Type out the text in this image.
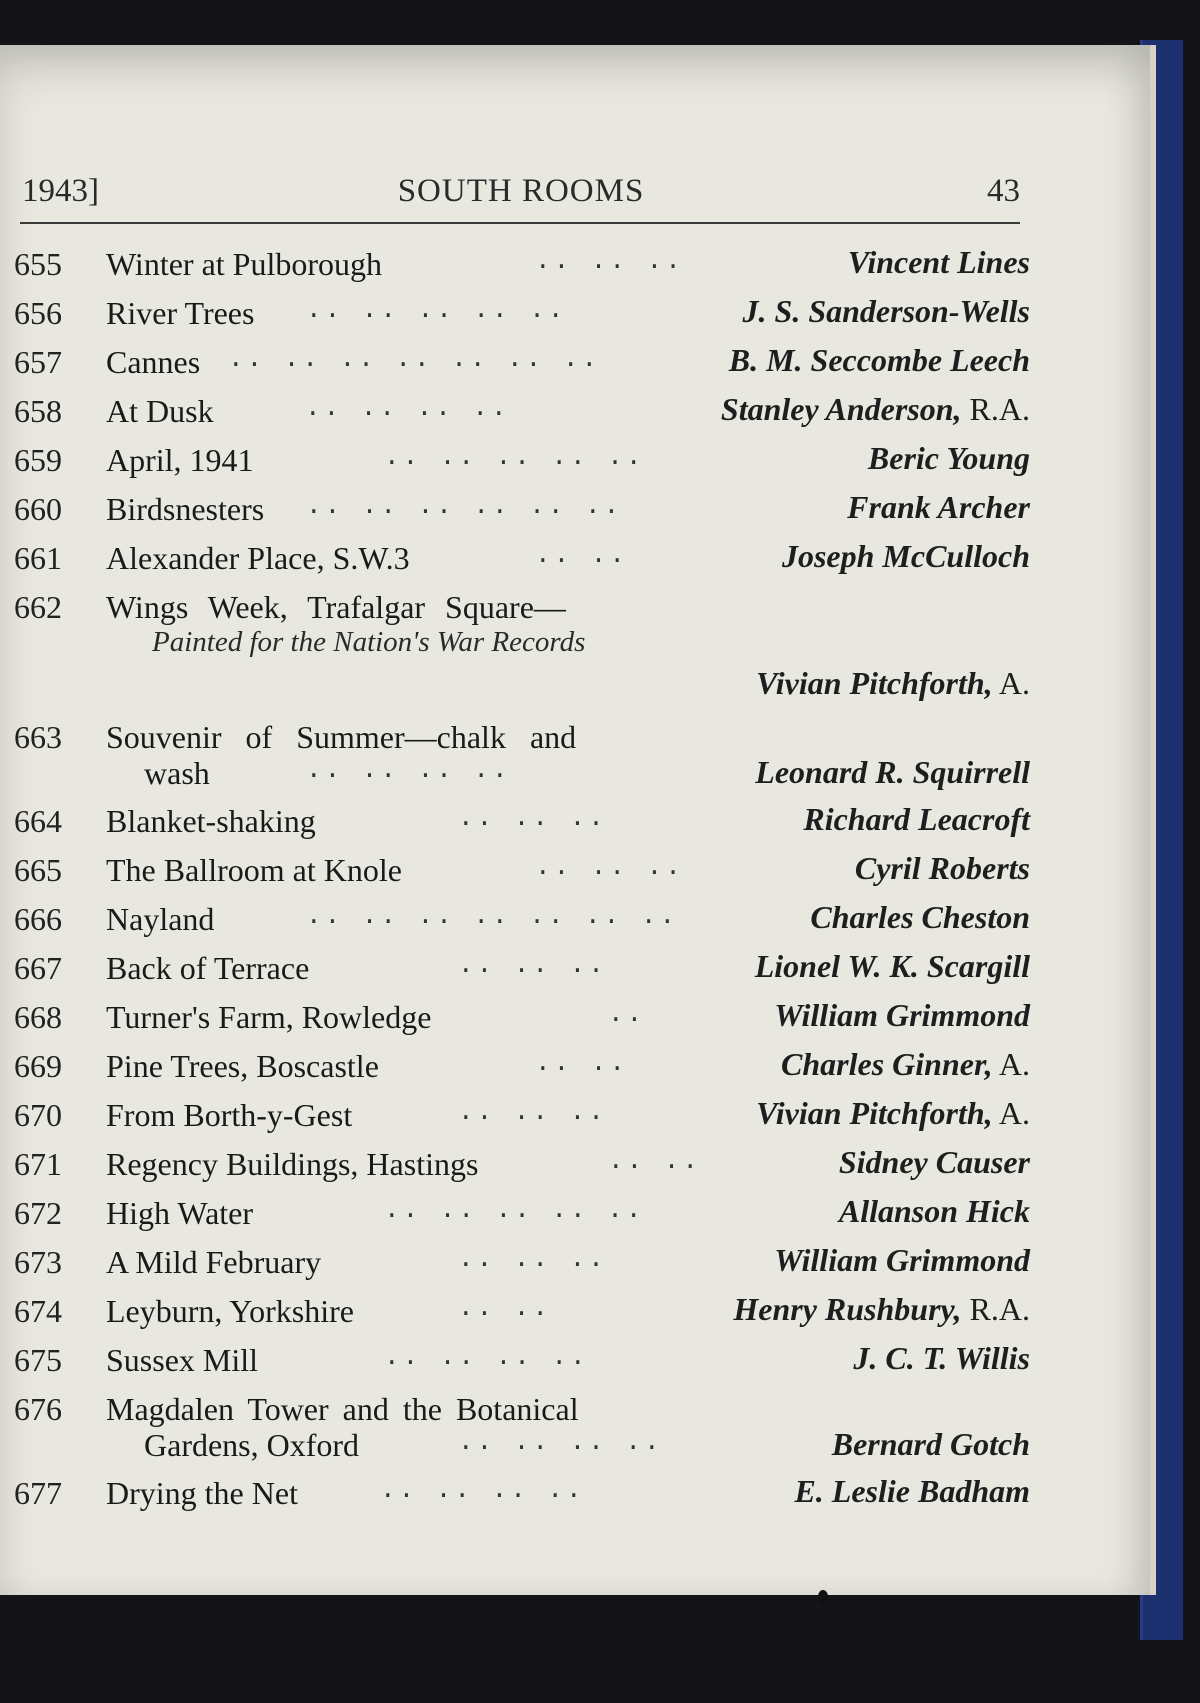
1943]	SOUTH ROOMS	43
655 Winter at Pulborough	.. .. ..	Vincent Lines
656 River Trees .. .. .. .. ..	J. S. Sanderson-Wells
657 Cannes .. .. .. .. .. .. ..	B. M. Seccombe Leech
658 At Dusk	.. .. .. ..	Stanley Anderson, R.A.
659 April, 1941	.. .. .. .. ..	Beric Young
660 Birdsnesters .. .. .. .. .. ..	Frank Archer
661 Alexander Place, S.W.3	.. ..	Joseph McCulloch
662 Wings Week, Trafalgar Square—
Painted for the Nation's War Records
Vivian Pitchforth, A.
663 Souvenir of Summer—chalk and
wash	.. .. .. ..	Leonard R. Squirrell
664 Blanket-shaking	.. .. ..	Richard Leacroft
665 The Ballroom at Knole	.. .. ..	Cyril Roberts
666 Nayland	.. .. .. .. .. .. ..	Charles Cheston
667 Back of Terrace	.. .. ..	Lionel W. K. Scargill
668 Turner's Farm, Rowledge	..	William Grimmond
669 Pine Trees, Boscastle	.. ..	Charles Ginner, A.
670 From Borth-y-Gest	.. .. ..	Vivian Pitchforth, A.
671 Regency Buildings, Hastings	.. ..	Sidney Causer
672 High Water	.. .. .. .. ..	Allanson Hick
673 A Mild February	.. .. ..	William Grimmond
674 Leyburn, Yorkshire	.. ..	Henry Rushbury, R.A.
675 Sussex Mill	.. .. .. ..	J. C. T. Willis
676 Magdalen Tower and the Botanical
Gardens, Oxford	.. .. .. ..	Bernard Gotch
677 Drying the Net	.. .. .. ..	E. Leslie Badham
